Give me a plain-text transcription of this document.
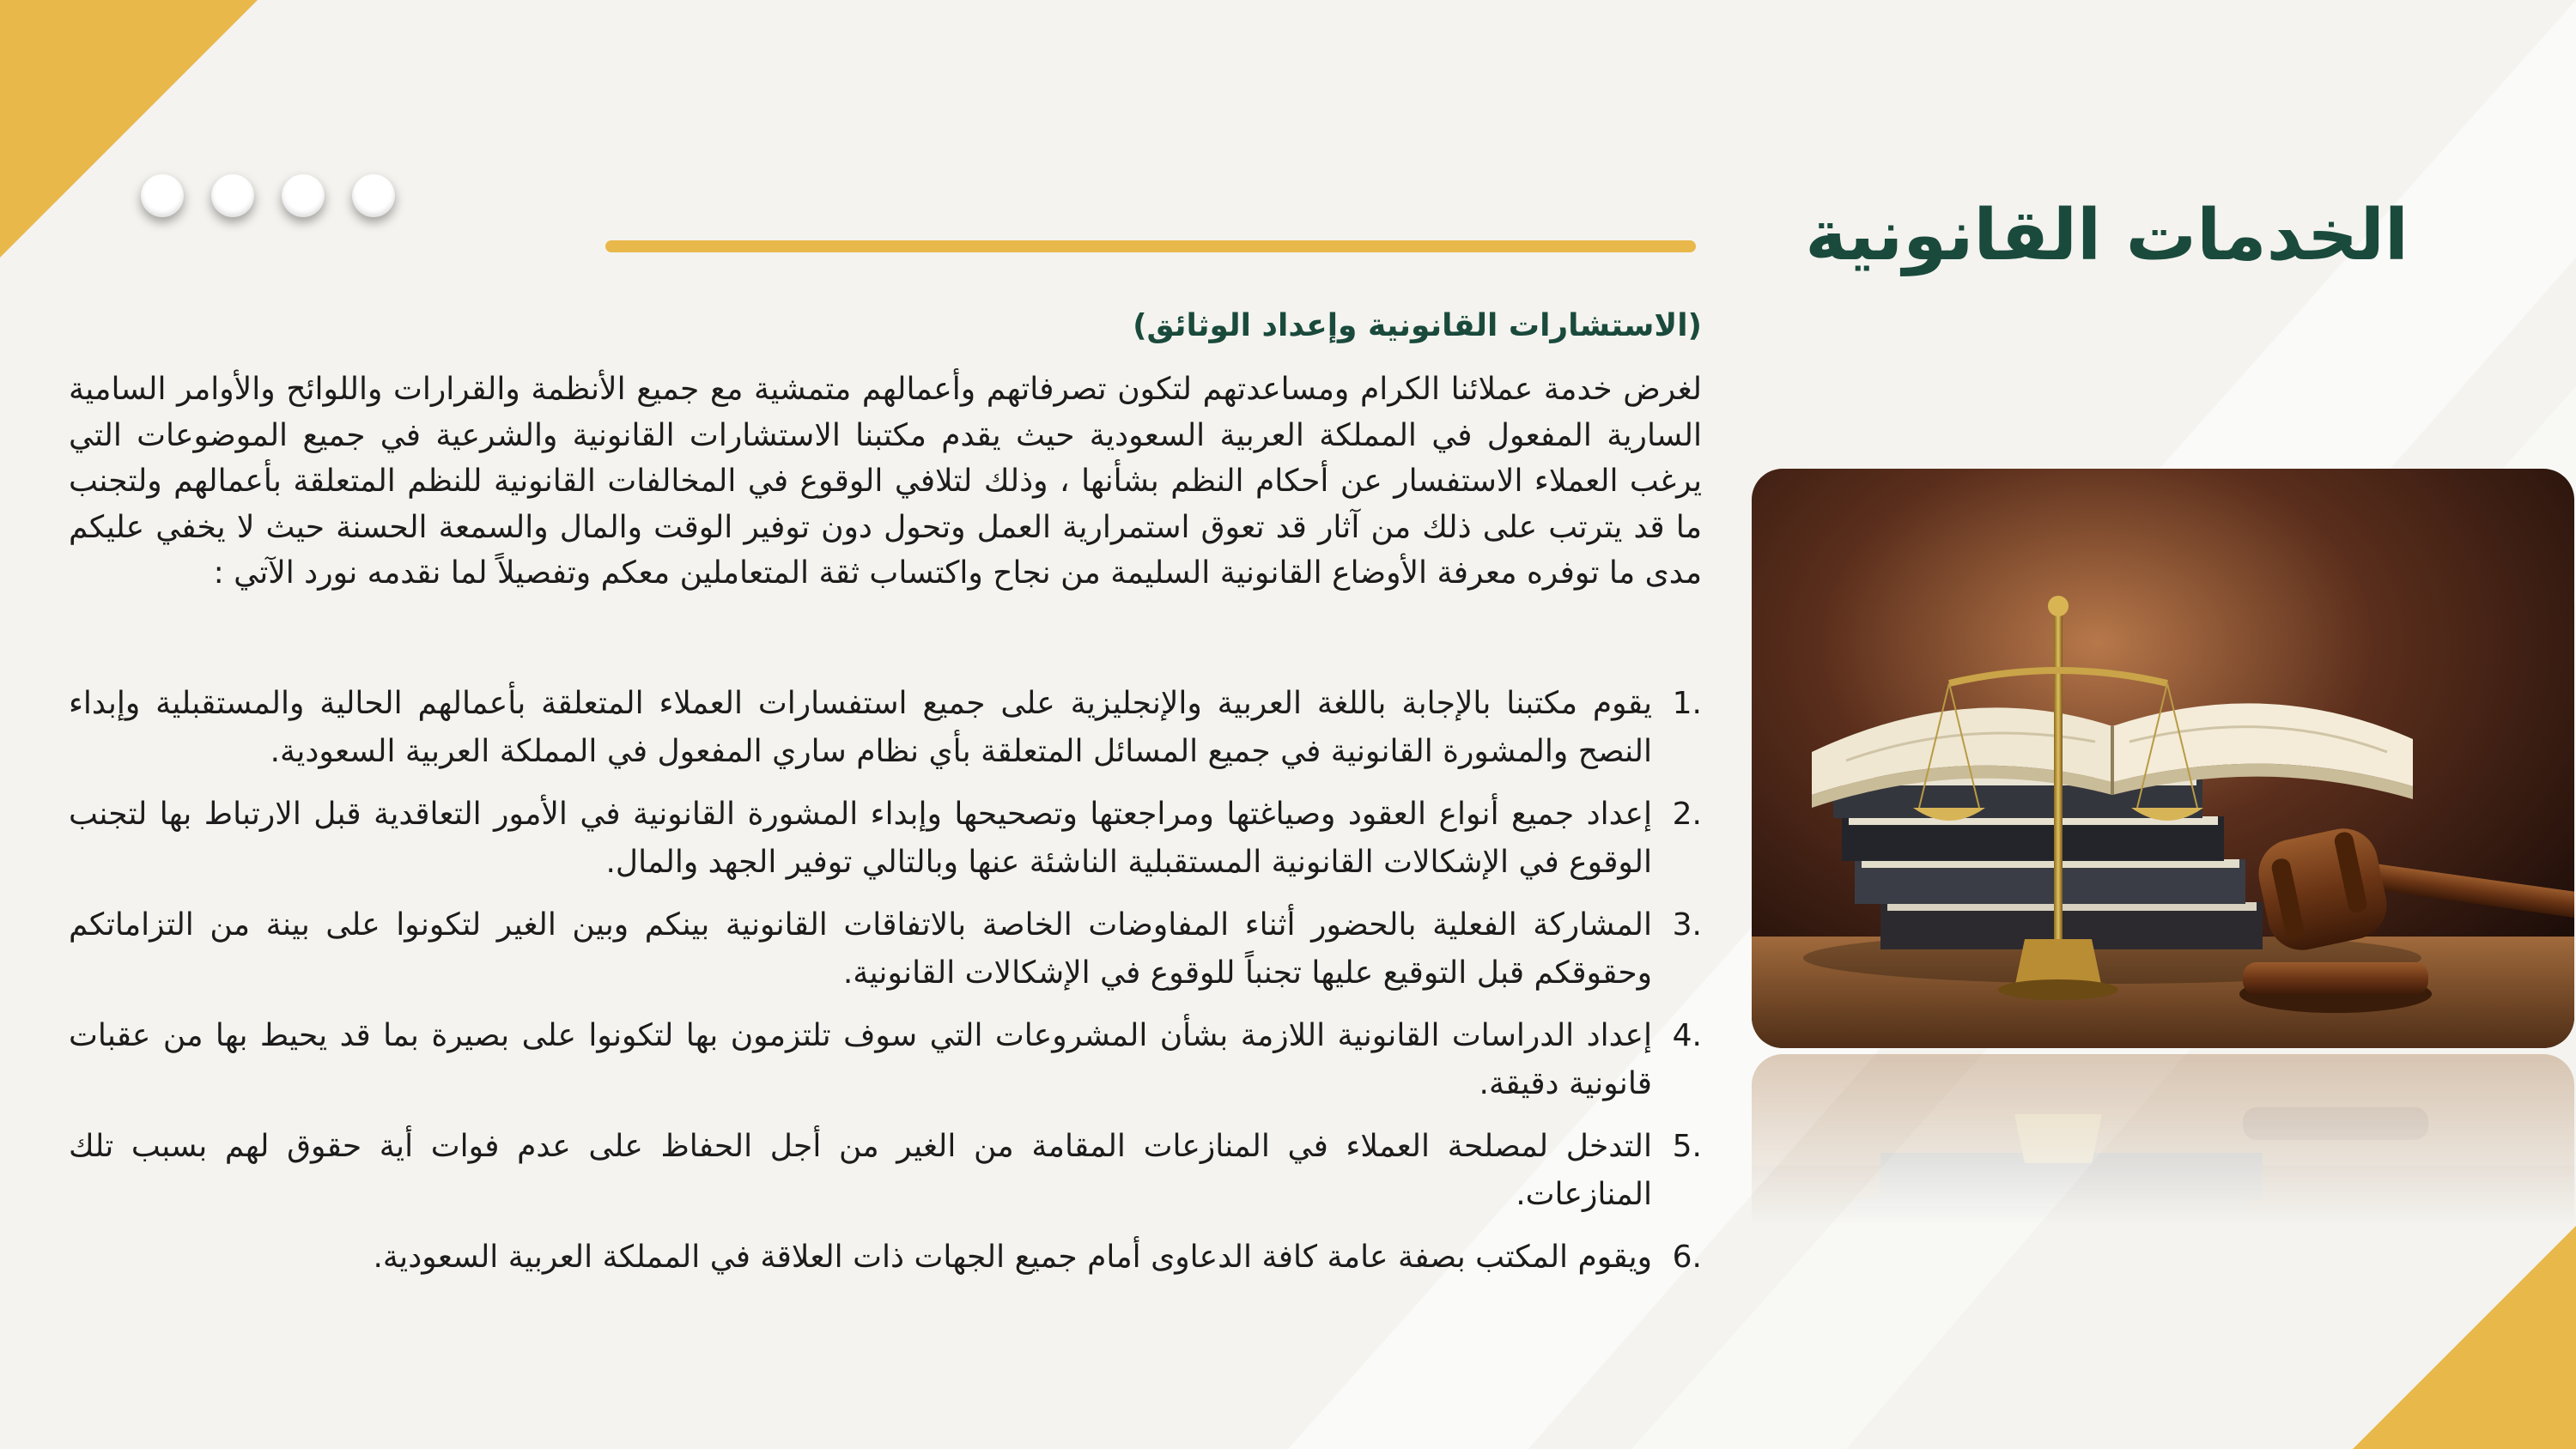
الخدمات القانونية
(الاستشارات القانونية وإعداد الوثائق)

لغرض خدمة عملائنا الكرام ومساعدتهم لتكون تصرفاتهم وأعمالهم متمشية مع جميع الأنظمة والقرارات واللوائح والأوامر السامية السارية المفعول في المملكة العربية السعودية حيث يقدم مكتبنا الاستشارات القانونية والشرعية في جميع الموضوعات التي يرغب العملاء الاستفسار عن أحكام النظم بشأنها ، وذلك لتلافي الوقوع في المخالفات القانونية للنظم المتعلقة بأعمالهم ولتجنب ما قد يترتب على ذلك من آثار قد تعوق استمرارية العمل وتحول دون توفير الوقت والمال والسمعة الحسنة حيث لا يخفي عليكم مدى ما توفره معرفة الأوضاع القانونية السليمة من نجاح واكتساب ثقة المتعاملين معكم وتفصيلاً لما نقدمه نورد الآتي :

1.
يقوم مكتبنا بالإجابة باللغة العربية والإنجليزية على جميع استفسارات العملاء المتعلقة بأعمالهم الحالية والمستقبلية وإبداء النصح والمشورة القانونية في جميع المسائل المتعلقة بأي نظام ساري المفعول في المملكة العربية السعودية.
2.
إعداد جميع أنواع العقود وصياغتها ومراجعتها وتصحيحها وإبداء المشورة القانونية في الأمور التعاقدية قبل الارتباط بها لتجنب الوقوع في الإشكالات القانونية المستقبلية الناشئة عنها وبالتالي توفير الجهد والمال.
3.
المشاركة الفعلية بالحضور أثناء المفاوضات الخاصة بالاتفاقات القانونية بينكم وبين الغير لتكونوا على بينة من التزاماتكم وحقوقكم قبل التوقيع عليها تجنباً للوقوع في الإشكالات القانونية.
4.
إعداد الدراسات القانونية اللازمة بشأن المشروعات التي سوف تلتزمون بها لتكونوا على بصيرة بما قد يحيط بها من عقبات قانونية دقيقة.
5.
التدخل لمصلحة العملاء في المنازعات المقامة من الغير من أجل الحفاظ على عدم فوات أية حقوق لهم بسبب تلك المنازعات.
6.
ويقوم المكتب بصفة عامة كافة الدعاوى أمام جميع الجهات ذات العلاقة في المملكة العربية السعودية.
